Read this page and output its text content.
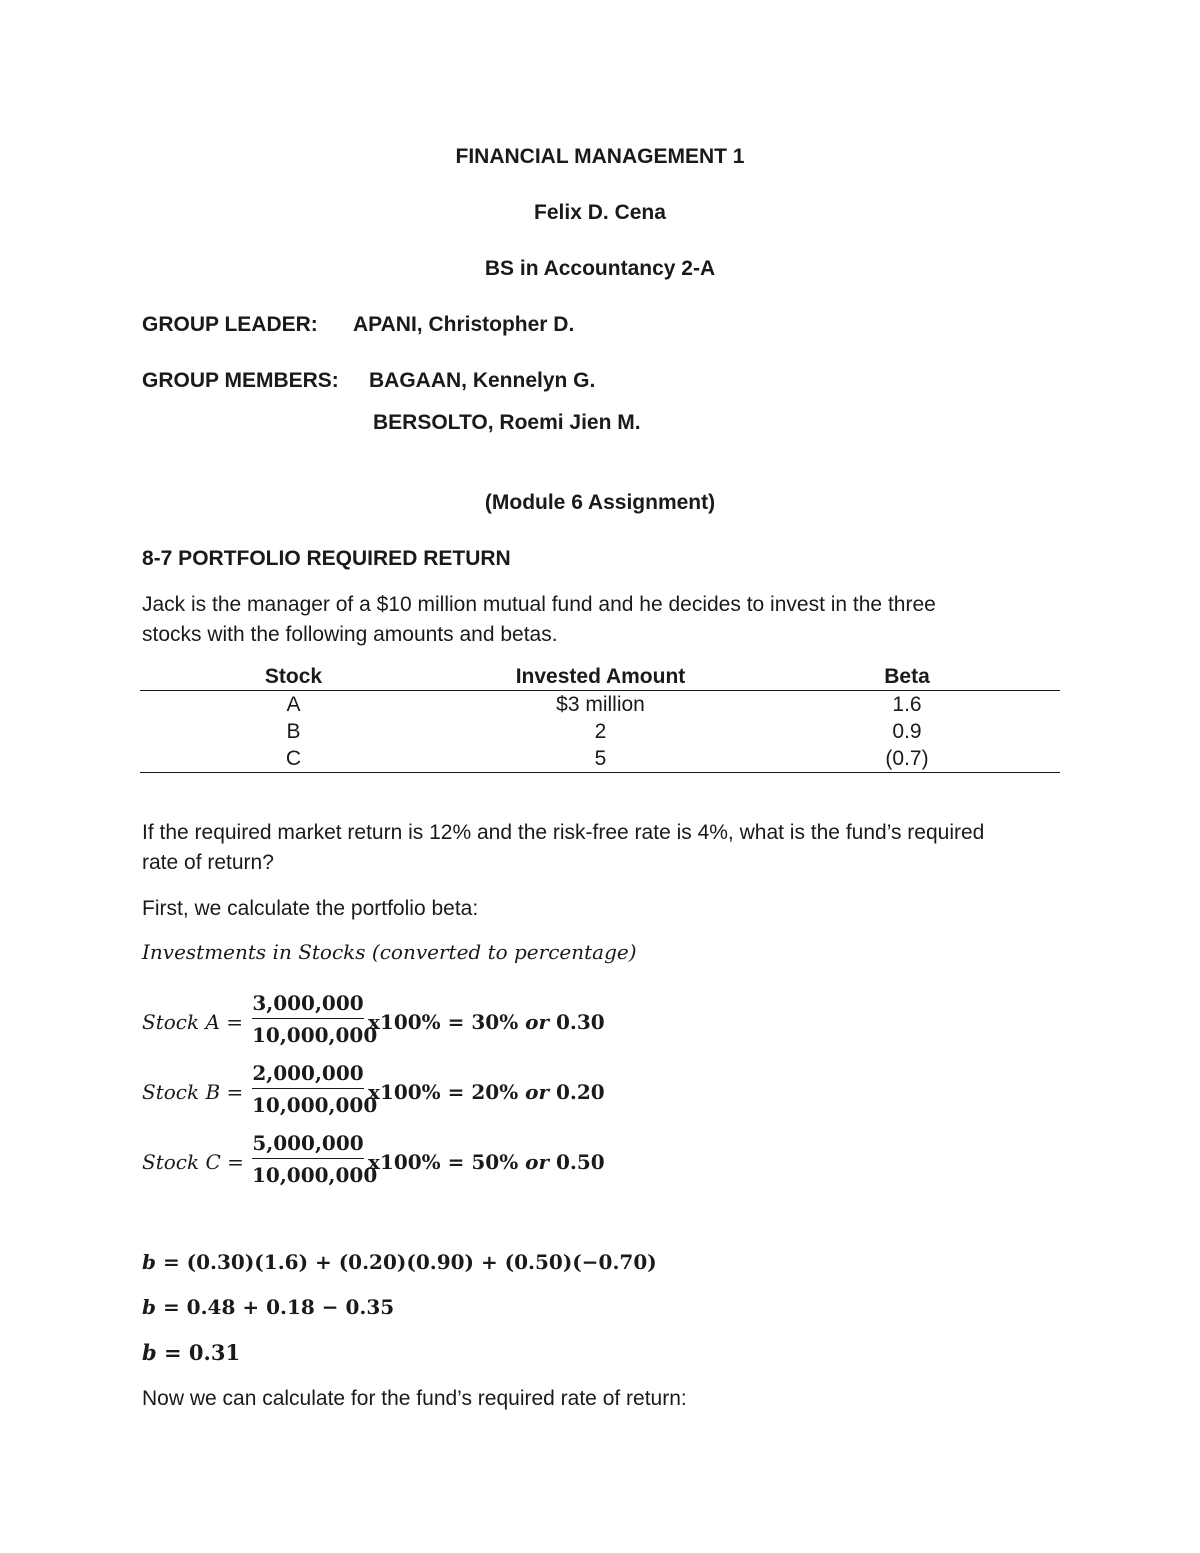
FINANCIAL MANAGEMENT 1
Felix D. Cena
BS in Accountancy 2-A
GROUP LEADER: APANI, Christopher D.
GROUP MEMBERS: BAGAAN, Kennelyn G.
BERSOLTO, Roemi Jien M.
(Module 6 Assignment)
8-7 PORTFOLIO REQUIRED RETURN
Jack is the manager of a $10 million mutual fund and he decides to invest in the three
stocks with the following amounts and betas.
Stock	Invested Amount	Beta
A	$3 million	1.6
B	2	0.9
C	5	(0.7)
If the required market return is 12% and the risk-free rate is 4%, what is the fund’s required
rate of return?
First, we calculate the portfolio beta:
Investments in Stocks (converted to percentage)
Stock A =
3,000,000
10,000,000
x100% = 30% or 0.30
Stock B =
2,000,000
10,000,000
x100% = 20% or 0.20
Stock C =
5,000,000
10,000,000
x100% = 50% or 0.50
b = (0.30)(1.6) + (0.20)(0.90) + (0.50)(−0.70)
b = 0.48 + 0.18 − 0.35
b = 0.31
Now we can calculate for the fund’s required rate of return:
